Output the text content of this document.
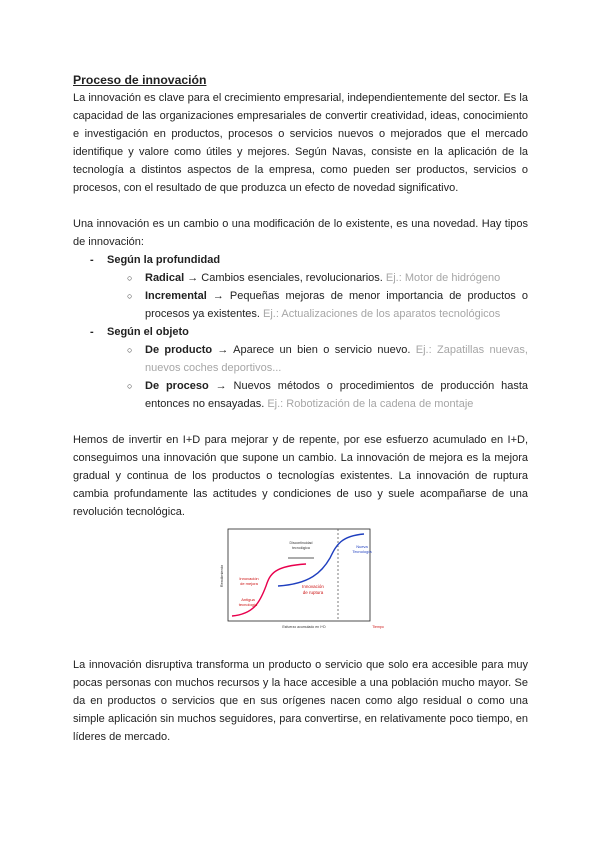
Proceso de innovación

La innovación es clave para el crecimiento empresarial, independientemente del sector. Es la capacidad de las organizaciones empresariales de convertir creatividad, ideas, conocimiento e investigación en productos, procesos o servicios nuevos o mejorados que el mercado identifique y valore como útiles y mejores. Según Navas, consiste en la aplicación de la tecnología a distintos aspectos de la empresa, como pueden ser productos, servicios o procesos, con el resultado de que produzca un efecto de novedad significativo.

Una innovación es un cambio o una modificación de lo existente, es una novedad. Hay tipos de innovación:

-	Según la profundidad
○	Radical → Cambios esenciales, revolucionarios. Ej.: Motor de hidrógeno
○	Incremental → Pequeñas mejoras de menor importancia de productos o procesos ya existentes. Ej.: Actualizaciones de los aparatos tecnológicos
-	Según el objeto
○	De producto → Aparece un bien o servicio nuevo. Ej.: Zapatillas nuevas, nuevos coches deportivos...
○	De proceso → Nuevos métodos o procedimientos de producción hasta entonces no ensayadas. Ej.: Robotización de la cadena de montaje

Hemos de invertir en I+D para mejorar y de repente, por ese esfuerzo acumulado en I+D, conseguimos una innovación que supone un cambio. La innovación de mejora es la mejora gradual y continua de los productos o tecnologías existentes. La innovación de ruptura cambia profundamente las actitudes y condiciones de uso y suele acompañarse de una revolución tecnológica.

Rendimiento
Esfuerzo acumulado en I+D	Tiempo
Antigua
tecnología
Innovación
de mejora
Innovación
de ruptura
Discontinuidad
tecnológica	Nueva
Tecnología

La innovación disruptiva transforma un producto o servicio que solo era accesible para muy pocas personas con muchos recursos y la hace accesible a una población mucho mayor. Se da en productos o servicios que en sus orígenes nacen como algo residual o como una simple aplicación sin muchos seguidores, para convertirse, en relativamente poco tiempo, en líderes de mercado.
